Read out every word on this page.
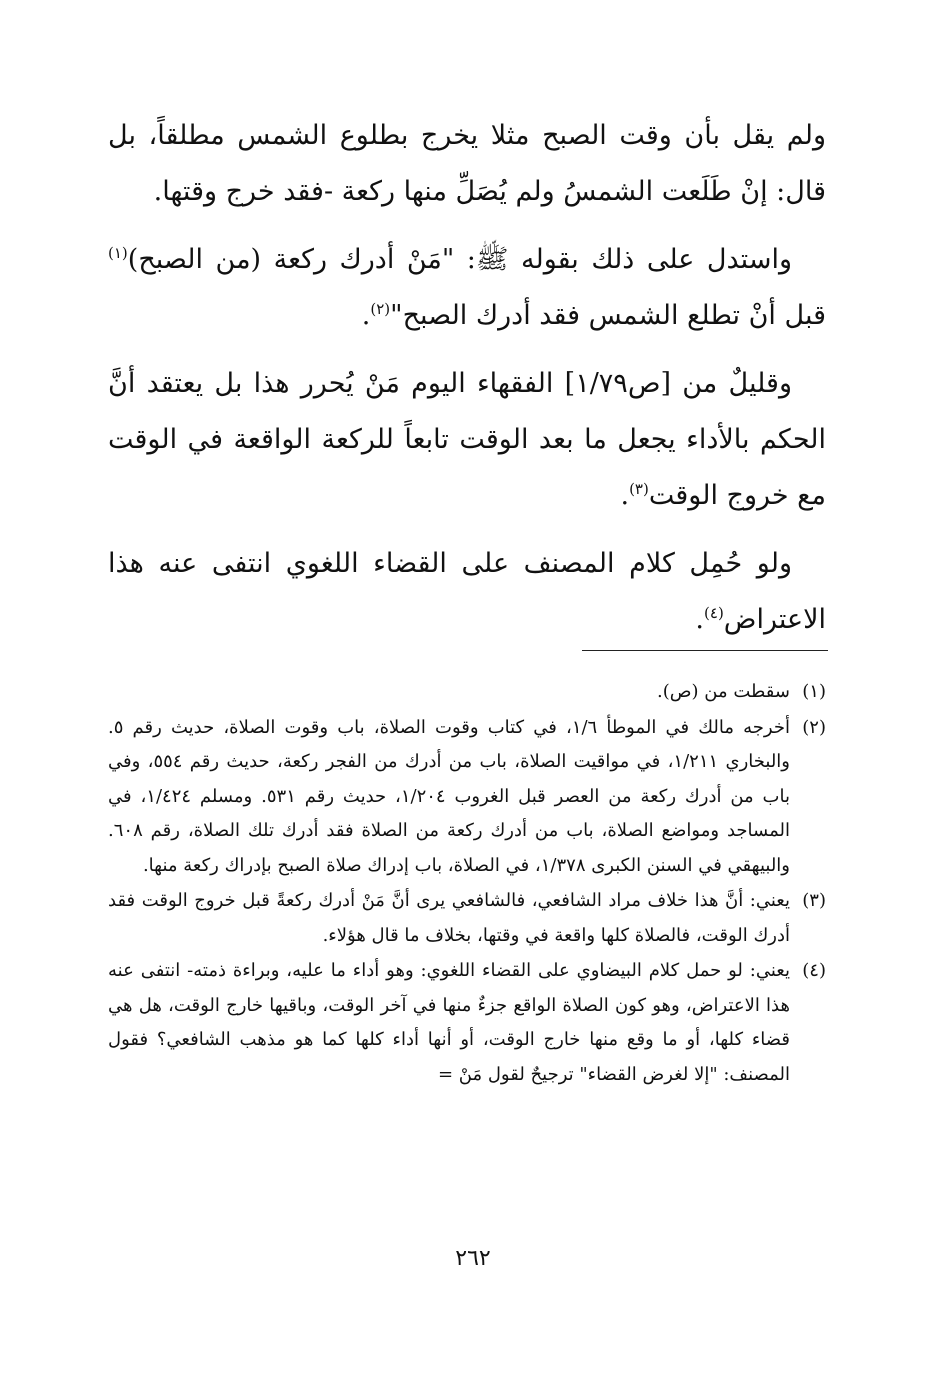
ولم يقل بأن وقت الصبح مثلا يخرج بطلوع الشمس مطلقاً، بل قال: إنْ طَلَعت الشمسُ ولم يُصَلِّ منها ركعة -فقد خرج وقتها.

واستدل على ذلك بقوله ﷺ: "مَنْ أدرك ركعة (من الصبح)$^{(١)}$ قبل أنْ تطلع الشمس فقد أدرك الصبح"$^{(٢)}$.

وقليلٌ من [ص١/٧٩] الفقهاء اليوم مَنْ يُحرر هذا بل يعتقد أنَّ الحكم بالأداء يجعل ما بعد الوقت تابعاً للركعة الواقعة في الوقت مع خروج الوقت$^{(٣)}$.

ولو حُمِل كلام المصنف على القضاء اللغوي انتفى عنه هذا الاعتراض$^{(٤)}$.

(١)
سقطت من (ص).
(٢)
أخرجه مالك في الموطأ ١/٦، في كتاب وقوت الصلاة، باب وقوت الصلاة، حديث رقم ٥. والبخاري ١/٢١١، في مواقيت الصلاة، باب من أدرك من الفجر ركعة، حديث رقم ٥٥٤، وفي باب من أدرك ركعة من العصر قبل الغروب ١/٢٠٤، حديث رقم ٥٣١. ومسلم ١/٤٢٤، في المساجد ومواضع الصلاة، باب من أدرك ركعة من الصلاة فقد أدرك تلك الصلاة، رقم ٦٠٨. والبيهقي في السنن الكبرى ١/٣٧٨، في الصلاة، باب إدراك صلاة الصبح بإدراك ركعة منها.
(٣)
يعني: أنَّ هذا خلاف مراد الشافعي، فالشافعي يرى أنَّ مَنْ أدرك ركعةً قبل خروج الوقت فقد أدرك الوقت، فالصلاة كلها واقعة في وقتها، بخلاف ما قال هؤلاء.
(٤)
يعني: لو حمل كلام البيضاوي على القضاء اللغوي: وهو أداء ما عليه، وبراءة ذمته- انتفى عنه هذا الاعتراض، وهو كون الصلاة الواقع جزءٌ منها في آخر الوقت، وباقيها خارج الوقت، هل هي قضاء كلها، أو ما وقع منها خارج الوقت، أو أنها أداء كلها كما هو مذهب الشافعي؟ فقول المصنف: "إلا لغرض القضاء" ترجيحٌ لقول مَنْ =
٢٦٢
